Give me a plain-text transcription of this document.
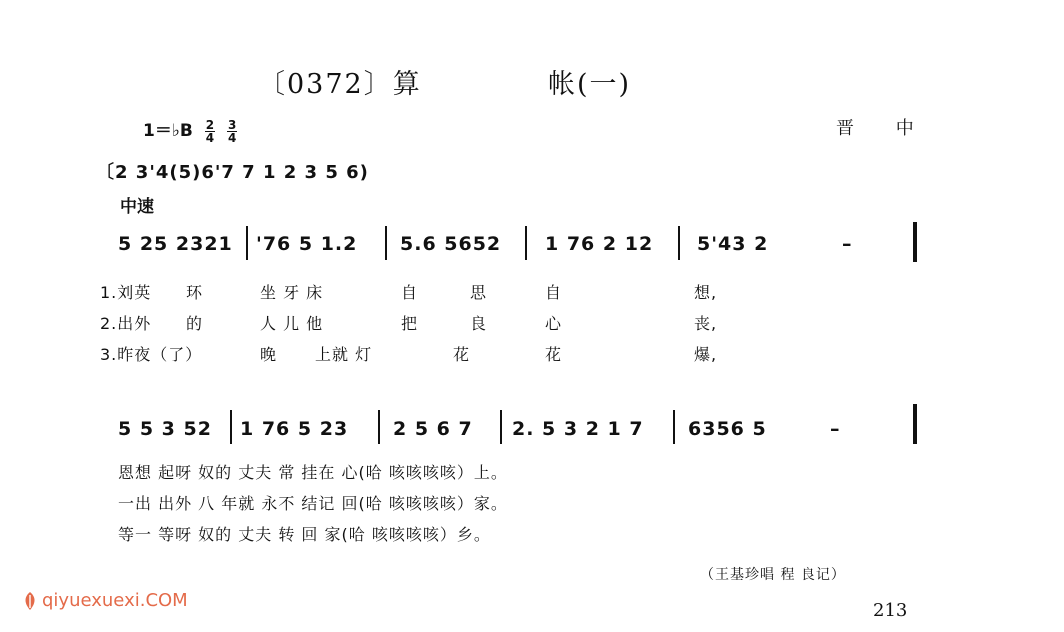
〔0372〕算	帐(一)
1＝♭B $\frac{2}{4}$
$\frac{3}{4}$	晋 中
〔2 3'4(5)6'7 7 1 2 3 5 6)
中速
5 25 2321 '76 5 1.2 5.6 5652 1 76 2 12 5'43 2	–
1.刘英 环	坐 牙 床	自	思	自	想,
2.出外 的	人 儿 他	把	良	心	丧,
3.昨夜（了）	晚 上就 灯	花	花	爆,
5 5 3 52 1 76 5 23 2 5 6 7 2. 5 3 2 1 7 6356 5	–
恩想 起呀 奴的 丈夫 常 挂在 心(哈 咳咳咳咳）上。
一出 出外 八 年就 永不 结记 回(哈 咳咳咳咳）家。
等一 等呀 奴的 丈夫 转 回 家(哈 咳咳咳咳）乡。
（王基珍唱 程 良记）
213
qiyuexuexi.COM
